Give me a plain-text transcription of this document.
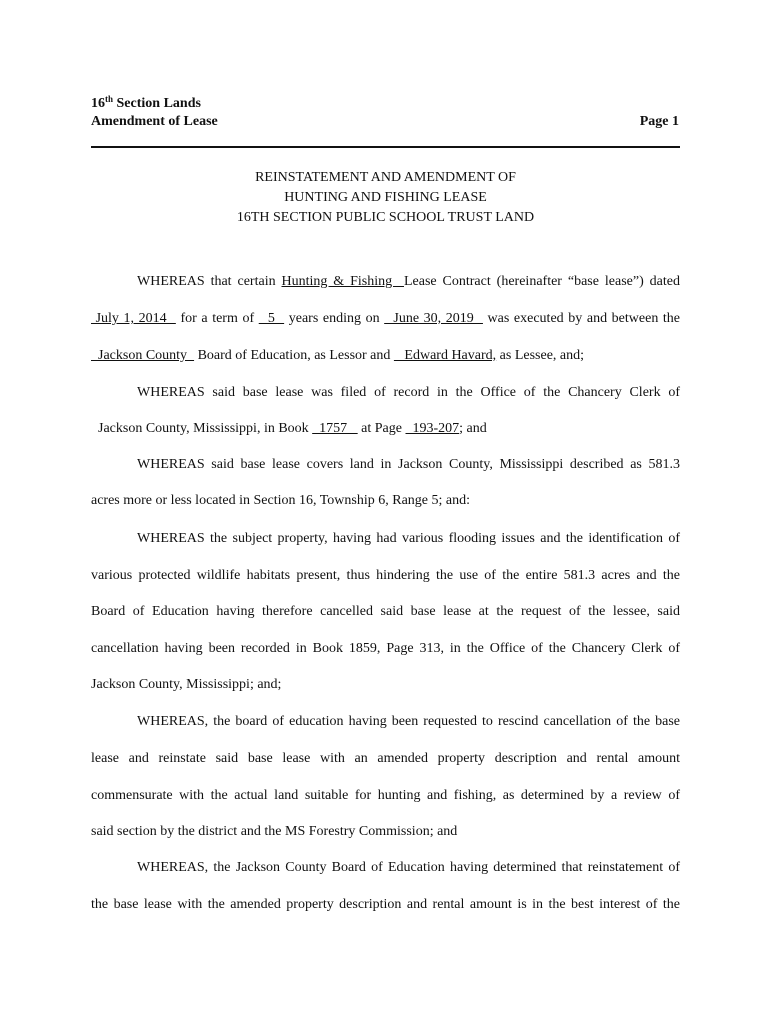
16th Section Lands
Amendment of Lease	Page 1
REINSTATEMENT AND AMENDMENT OF
HUNTING AND FISHING LEASE
16TH SECTION PUBLIC SCHOOL TRUST LAND
WHEREAS that certain Hunting & Fishing  Lease Contract (hereinafter “base lease”) dated
July 1, 2014   for a term of   5   years ending on   June 30, 2019   was executed by and between the
Jackson County   Board of Education, as Lessor and    Edward Havard, as Lessee, and;
WHEREAS said base lease was filed of record in the Office of the Chancery Clerk of
Jackson County, Mississippi, in Book   1757    at Page   193-207; and
WHEREAS said base lease covers land in Jackson County, Mississippi described as 581.3
acres more or less located in Section 16, Township 6, Range 5; and:
WHEREAS the subject property, having had various flooding issues and the identification of
various protected wildlife habitats present, thus hindering the use of the entire 581.3 acres and the
Board of Education having therefore cancelled said base lease at the request of the lessee, said
cancellation having been recorded in Book 1859, Page 313, in the Office of the Chancery Clerk of
Jackson County, Mississippi; and;
WHEREAS, the board of education having been requested to rescind cancellation of the base
lease and reinstate said base lease with an amended property description and rental amount
commensurate with the actual land suitable for hunting and fishing, as determined by a review of
said section by the district and the MS Forestry Commission; and
WHEREAS, the Jackson County Board of Education having determined that reinstatement of
the base lease with the amended property description and rental amount is in the best interest of the
